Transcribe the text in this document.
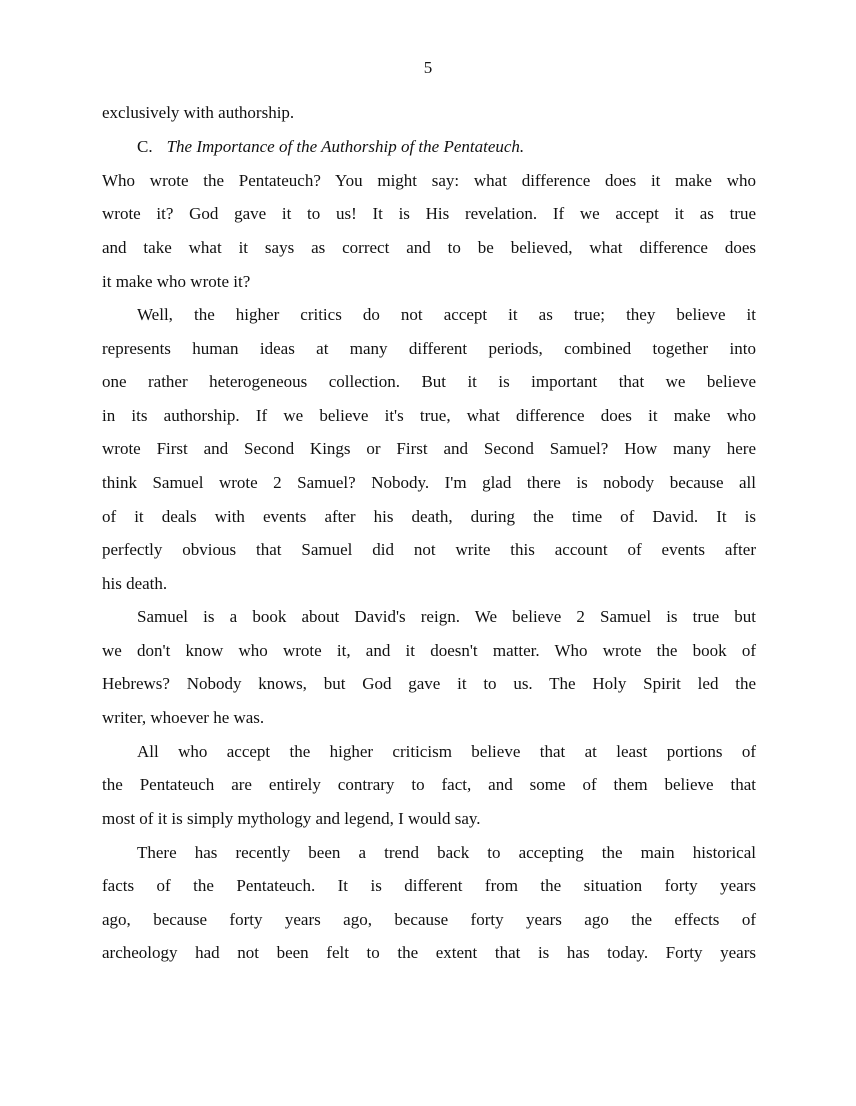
5
exclusively with authorship.
C. The Importance of the Authorship of the Pentateuch.
Who wrote the Pentateuch? You might say: what difference does it make who
wrote it? God gave it to us! It is His revelation. If we accept it as true
and take what it says as correct and to be believed, what difference does
it make who wrote it?
Well, the higher critics do not accept it as true; they believe it
represents human ideas at many different periods, combined together into
one rather heterogeneous collection. But it is important that we believe
in its authorship. If we believe it's true, what difference does it make who
wrote First and Second Kings or First and Second Samuel? How many here
think Samuel wrote 2 Samuel? Nobody. I'm glad there is nobody because all
of it deals with events after his death, during the time of David. It is
perfectly obvious that Samuel did not write this account of events after
his death.
Samuel is a book about David's reign. We believe 2 Samuel is true but
we don't know who wrote it, and it doesn't matter. Who wrote the book of
Hebrews? Nobody knows, but God gave it to us. The Holy Spirit led the
writer, whoever he was.
All who accept the higher criticism believe that at least portions of
the Pentateuch are entirely contrary to fact, and some of them believe that
most of it is simply mythology and legend, I would say.
There has recently been a trend back to accepting the main historical
facts of the Pentateuch. It is different from the situation forty years
ago, because forty years ago, because forty years ago the effects of
archeology had not been felt to the extent that is has today. Forty years
